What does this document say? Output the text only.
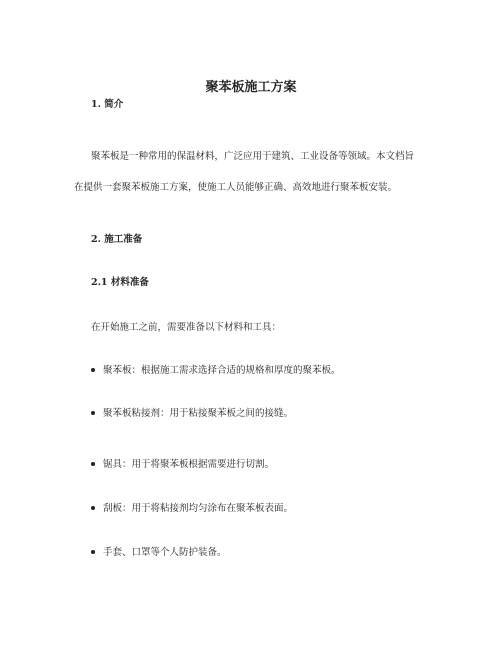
聚苯板施工方案
1. 简介
聚苯板是一种常用的保温材料，广泛应用于建筑、工业设备等领域。本文档旨
在提供一套聚苯板施工方案，使施工人员能够正确、高效地进行聚苯板安装。
2. 施工准备
2.1 材料准备
在开始施工之前，需要准备以下材料和工具：
聚苯板：根据施工需求选择合适的规格和厚度的聚苯板。
聚苯板粘接剂：用于粘接聚苯板之间的接缝。
锯具：用于将聚苯板根据需要进行切割。
刮板：用于将粘接剂均匀涂布在聚苯板表面。
手套、口罩等个人防护装备。
